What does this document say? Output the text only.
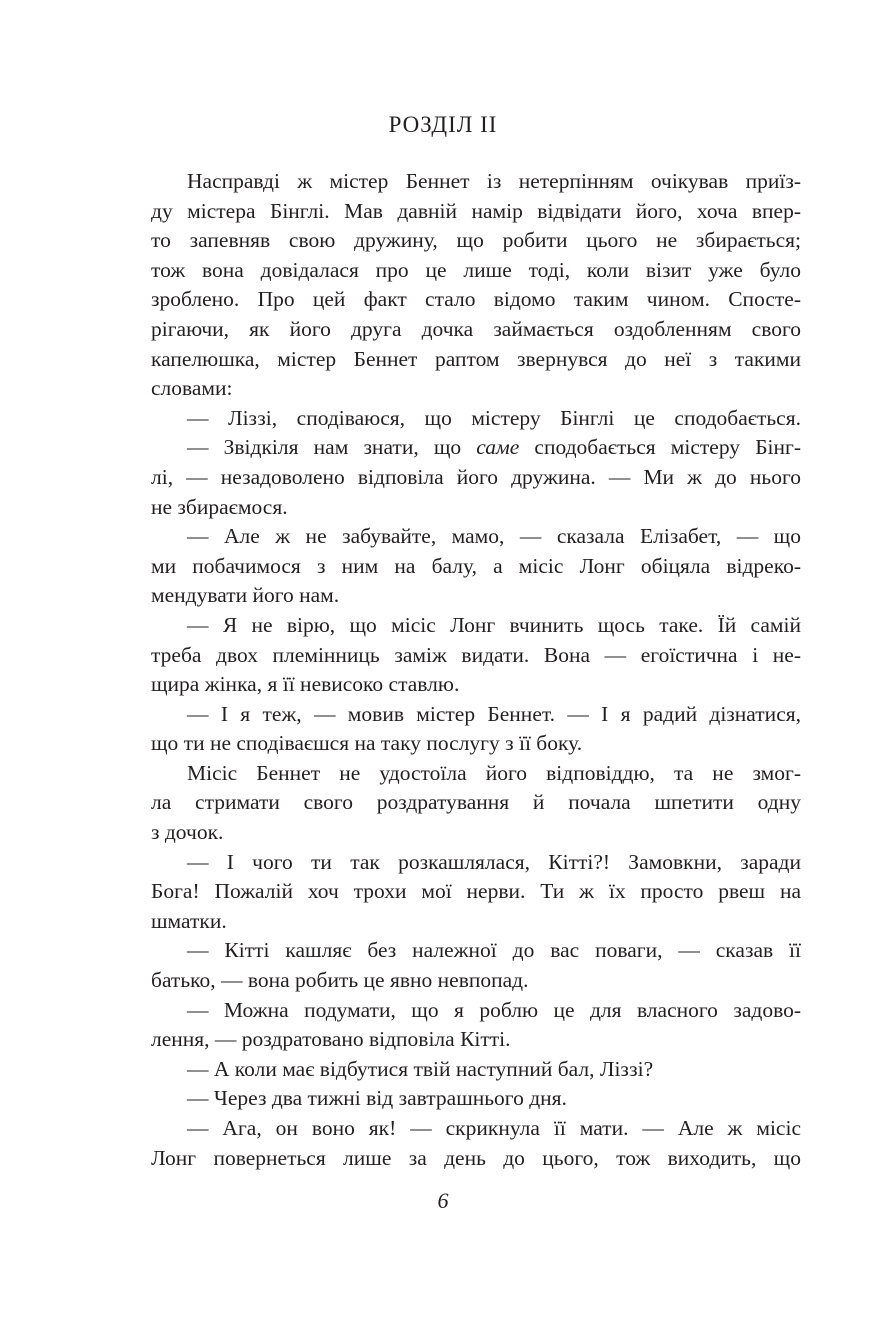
РОЗДІЛ II
Насправді ж містер Беннет із нетерпінням очікував приїз-
ду містера Бінглі. Мав давній намір відвідати його, хоча впер-
то запевняв свою дружину, що робити цього не збирається;
тож вона довідалася про це лише тоді, коли візит уже було
зроблено. Про цей факт стало відомо таким чином. Спосте-
рігаючи, як його друга дочка займається оздобленням свого
капелюшка, містер Беннет раптом звернувся до неї з такими
словами:
— Ліззі, сподіваюся, що містеру Бінглі це сподобається.
— Звідкіля нам знати, що саме сподобається містеру Бінг-
лі, — незадоволено відповіла його дружина. — Ми ж до нього
не збираємося.
— Але ж не забувайте, мамо, — сказала Елізабет, — що
ми побачимося з ним на балу, а місіс Лонг обіцяла відреко-
мендувати його нам.
— Я не вірю, що місіс Лонг вчинить щось таке. Їй самій
треба двох племінниць заміж видати. Вона — егоїстична і не-
щира жінка, я її невисоко ставлю.
— І я теж, — мовив містер Беннет. — І я радий дізнатися,
що ти не сподіваєшся на таку послугу з її боку.
Місіс Беннет не удостоїла його відповіддю, та не змог-
ла стримати свого роздратування й почала шпетити одну
з дочок.
— І чого ти так розкашлялася, Кітті?! Замовкни, заради
Бога! Пожалій хоч трохи мої нерви. Ти ж їх просто рвеш на
шматки.
— Кітті кашляє без належної до вас поваги, — сказав її
батько, — вона робить це явно невпопад.
— Можна подумати, що я роблю це для власного задово-
лення, — роздратовано відповіла Кітті.
— А коли має відбутися твій наступний бал, Ліззі?
— Через два тижні від завтрашнього дня.
— Ага, он воно як! — скрикнула її мати. — Але ж місіс
Лонг повернеться лише за день до цього, тож виходить, що
6
